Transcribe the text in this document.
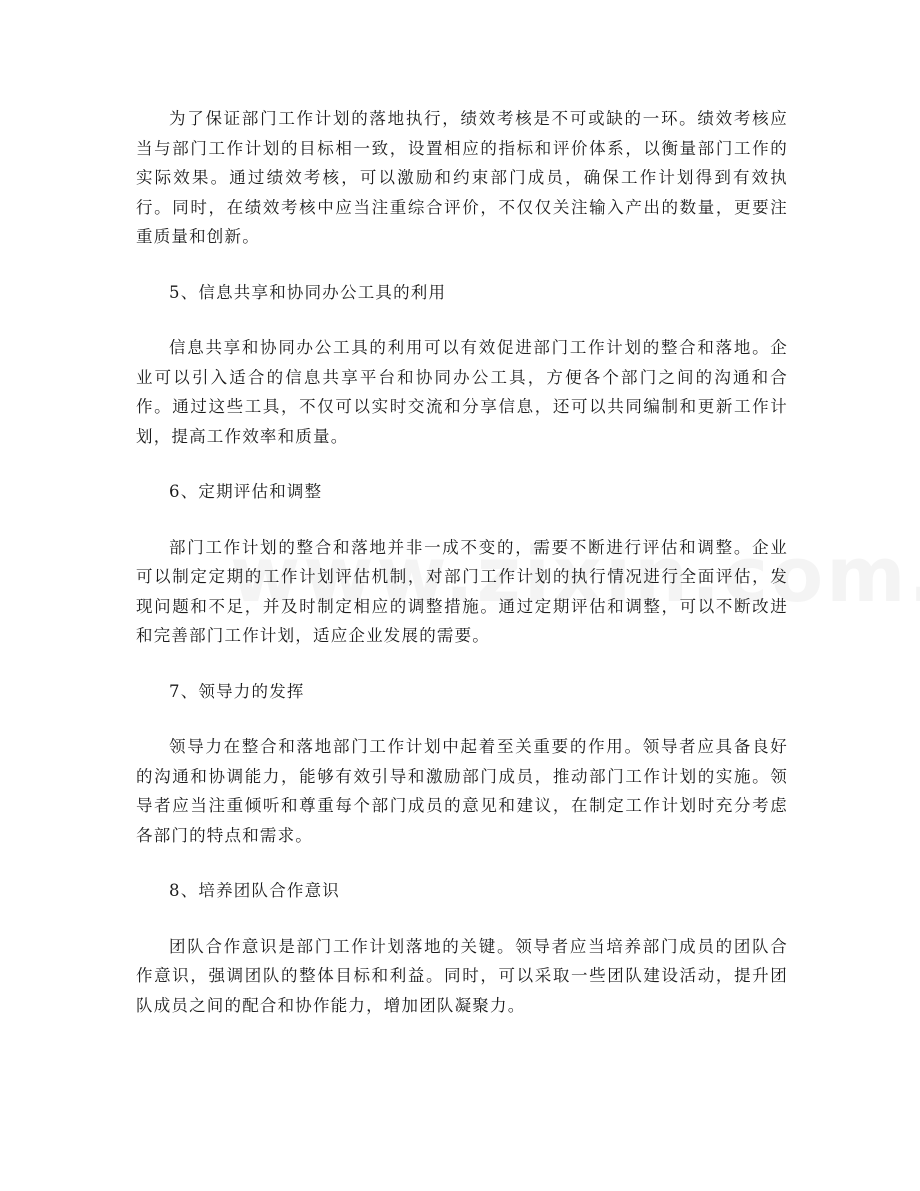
为了保证部门工作计划的落地执行，绩效考核是不可或缺的一环。绩效考核应当与部门工作计划的目标相一致，设置相应的指标和评价体系，以衡量部门工作的实际效果。通过绩效考核，可以激励和约束部门成员，确保工作计划得到有效执行。同时，在绩效考核中应当注重综合评价，不仅仅关注输入产出的数量，更要注重质量和创新。

5、信息共享和协同办公工具的利用

信息共享和协同办公工具的利用可以有效促进部门工作计划的整合和落地。企业可以引入适合的信息共享平台和协同办公工具，方便各个部门之间的沟通和合作。通过这些工具，不仅可以实时交流和分享信息，还可以共同编制和更新工作计划，提高工作效率和质量。

6、定期评估和调整

部门工作计划的整合和落地并非一成不变的，需要不断进行评估和调整。企业可以制定定期的工作计划评估机制，对部门工作计划的执行情况进行全面评估，发现问题和不足，并及时制定相应的调整措施。通过定期评估和调整，可以不断改进和完善部门工作计划，适应企业发展的需要。

7、领导力的发挥

领导力在整合和落地部门工作计划中起着至关重要的作用。领导者应具备良好的沟通和协调能力，能够有效引导和激励部门成员，推动部门工作计划的实施。领导者应当注重倾听和尊重每个部门成员的意见和建议，在制定工作计划时充分考虑各部门的特点和需求。

8、培养团队合作意识

团队合作意识是部门工作计划落地的关键。领导者应当培养部门成员的团队合作意识，强调团队的整体目标和利益。同时，可以采取一些团队建设活动，提升团队成员之间的配合和协作能力，增加团队凝聚力。
